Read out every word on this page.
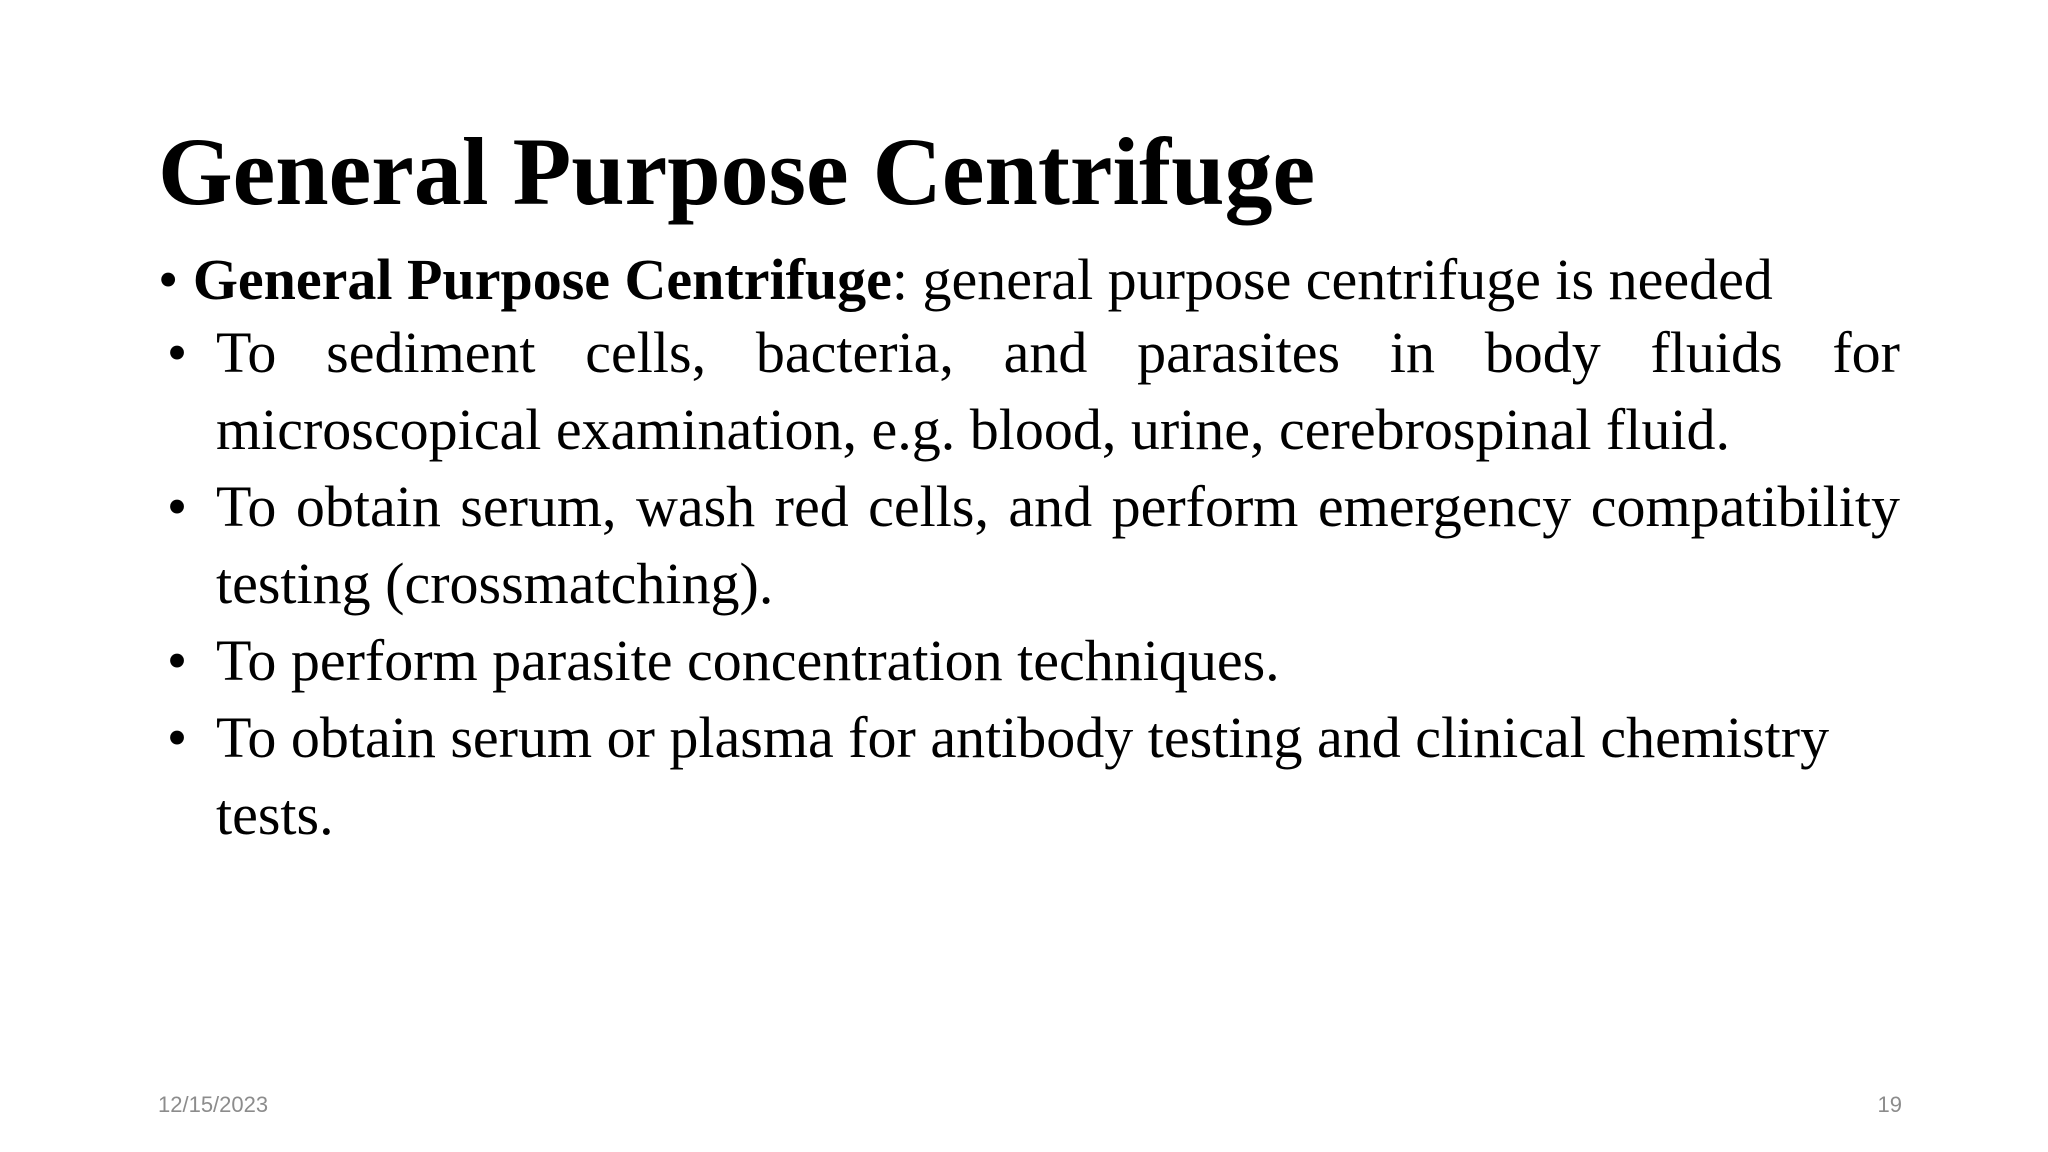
General Purpose Centrifuge
• General Purpose Centrifuge: general purpose centrifuge is needed
• To sediment cells, bacteria, and parasites in body fluids for microscopical examination, e.g. blood, urine, cerebrospinal fluid.
• To obtain serum, wash red cells, and perform emergency compatibility testing (crossmatching).
• To perform parasite concentration techniques.
• To obtain serum or plasma for antibody testing and clinical chemistry tests.
12/15/2023	19
